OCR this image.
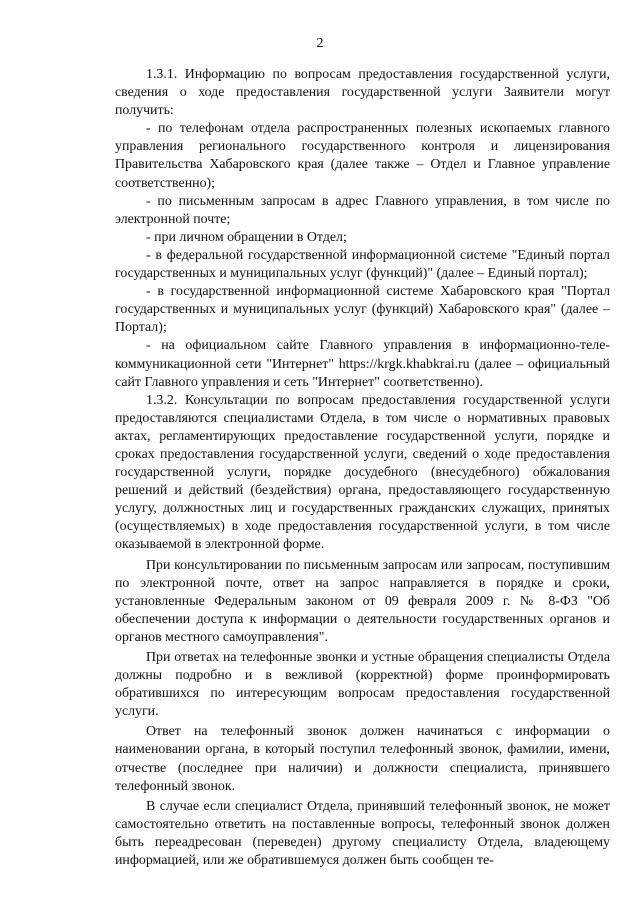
2

1.3.1. Информацию по вопросам предоставления государственной услуги, сведения о ходе предоставления государственной услуги Заявители могут получить:

- по телефонам отдела распространенных полезных ископаемых главного управления регионального государственного контроля и лицензирования Правительства Хабаровского края (далее также – Отдел и Главное управление соответственно);

- по письменным запросам в адрес Главного управления, в том числе по электронной почте;

- при личном обращении в Отдел;

- в федеральной государственной информационной системе "Единый портал государственных и муниципальных услуг (функций)" (далее – Единый портал);

- в государственной информационной системе Хабаровского края "Портал государственных и муниципальных услуг (функций) Хабаровского края" (далее – Портал);

- на официальном сайте Главного управления в информационно-телекоммуникационной сети "Интернет" https://krgk.khabkrai.ru (далее – официальный сайт Главного управления и сеть "Интернет" соответственно).

1.3.2. Консультации по вопросам предоставления государственной услуги предоставляются специалистами Отдела, в том числе о нормативных правовых актах, регламентирующих предоставление государственной услуги, порядке и сроках предоставления государственной услуги, сведений о ходе предоставления государственной услуги, порядке досудебного (внесудебного) обжалования решений и действий (бездействия) органа, предоставляющего государственную услугу, должностных лиц и государственных гражданских служащих, принятых (осуществляемых) в ходе предоставления государственной услуги, в том числе оказываемой в электронной форме.

При консультировании по письменным запросам или запросам, поступившим по электронной почте, ответ на запрос направляется в порядке и сроки, установленные Федеральным законом от 09 февраля 2009 г. № 8-ФЗ "Об обеспечении доступа к информации о деятельности государственных органов и органов местного самоуправления".

При ответах на телефонные звонки и устные обращения специалисты Отдела должны подробно и в вежливой (корректной) форме проинформировать обратившихся по интересующим вопросам предоставления государственной услуги.

Ответ на телефонный звонок должен начинаться с информации о наименовании органа, в который поступил телефонный звонок, фамилии, имени, отчестве (последнее при наличии) и должности специалиста, принявшего телефонный звонок.

В случае если специалист Отдела, принявший телефонный звонок, не может самостоятельно ответить на поставленные вопросы, телефонный звонок должен быть переадресован (переведен) другому специалисту Отдела, владеющему информацией, или же обратившемуся должен быть сообщен те-
